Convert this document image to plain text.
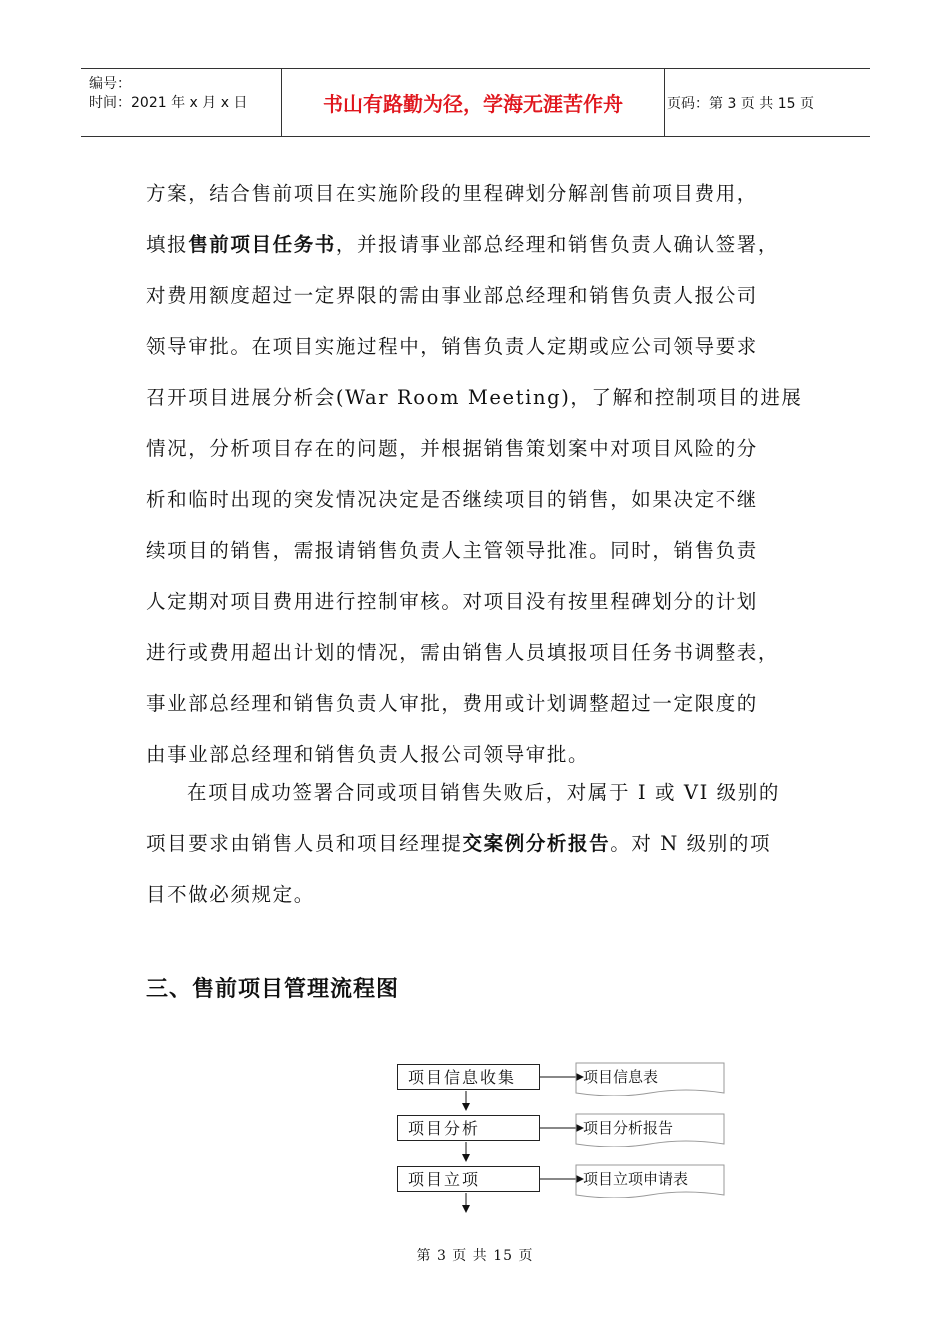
编号：
时间：2021 年 x 月 x 日	书山有路勤为径，学海无涯苦作舟	页码：第 3 页 共 15 页
方案，结合售前项目在实施阶段的里程碑划分解剖售前项目费用，
填报售前项目任务书，并报请事业部总经理和销售负责人确认签署，
对费用额度超过一定界限的需由事业部总经理和销售负责人报公司
领导审批。在项目实施过程中，销售负责人定期或应公司领导要求
召开项目进展分析会(War Room Meeting)，了解和控制项目的进展
情况，分析项目存在的问题，并根据销售策划案中对项目风险的分
析和临时出现的突发情况决定是否继续项目的销售，如果决定不继
续项目的销售，需报请销售负责人主管领导批准。同时，销售负责
人定期对项目费用进行控制审核。对项目没有按里程碑划分的计划
进行或费用超出计划的情况，需由销售人员填报项目任务书调整表，
事业部总经理和销售负责人审批，费用或计划调整超过一定限度的
由事业部总经理和销售负责人报公司领导审批。
在项目成功签署合同或项目销售失败后，对属于 I 或 VI 级别的
项目要求由销售人员和项目经理提交案例分析报告。对 N 级别的项
目不做必须规定。
三、售前项目管理流程图
项目信息收集
项目分析
项目立项
项目信息表
项目分析报告
项目立项申请表
第 3 页 共 15 页
